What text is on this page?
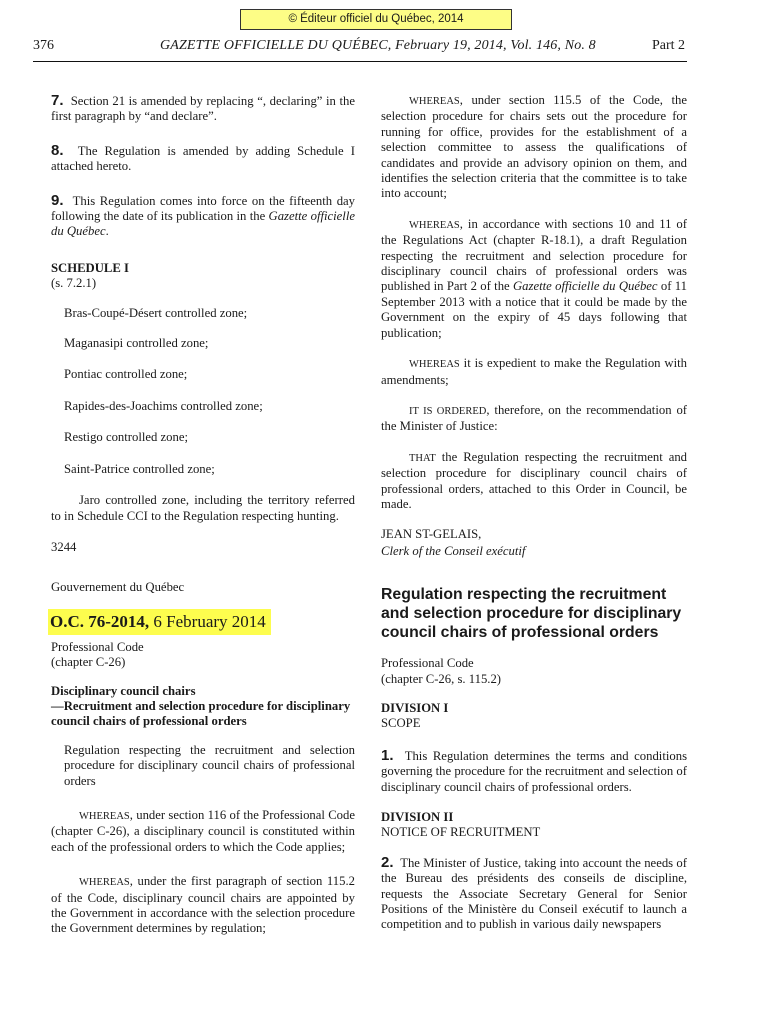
© Éditeur officiel du Québec, 2014
376	GAZETTE OFFICIELLE DU QUÉBEC, February 19, 2014, Vol. 146, No. 8	Part 2

7. Section 21 is amended by replacing “, declaring” in the first paragraph by “and declare”.

8. The Regulation is amended by adding Schedule I attached hereto.

9. This Regulation comes into force on the fifteenth day following the date of its publication in the Gazette officielle du Québec.

SCHEDULE I

(s. 7.2.1)

Bras-Coupé-Désert controlled zone;

Maganasipi controlled zone;

Pontiac controlled zone;

Rapides-des-Joachims controlled zone;

Restigo controlled zone;

Saint-Patrice controlled zone;

Jaro controlled zone, including the territory referred to in Schedule CCI to the Regulation respecting hunting.

3244

Gouvernement du Québec

O.C. 76-2014, 6 February 2014

Professional Code

(chapter C-26)

Disciplinary council chairs

—Recruitment and selection procedure for disciplinary council chairs of professional orders

Regulation respecting the recruitment and selection procedure for disciplinary council chairs of professional orders

WHEREAS, under section 116 of the Professional Code (chapter C-26), a disciplinary council is constituted within each of the professional orders to which the Code applies;

WHEREAS, under the first paragraph of section 115.2 of the Code, disciplinary council chairs are appointed by the Government in accordance with the selection procedure the Government determines by regulation;

WHEREAS, under section 115.5 of the Code, the selection procedure for chairs sets out the procedure for running for office, provides for the establishment of a selection committee to assess the qualifications of candidates and provide an advisory opinion on them, and identifies the selection criteria that the committee is to take into account;

WHEREAS, in accordance with sections 10 and 11 of the Regulations Act (chapter R-18.1), a draft Regulation respecting the recruitment and selection procedure for disciplinary council chairs of professional orders was published in Part 2 of the Gazette officielle du Québec of 11 September 2013 with a notice that it could be made by the Government on the expiry of 45 days following that publication;

WHEREAS it is expedient to make the Regulation with amendments;

IT IS ORDERED, therefore, on the recommendation of the Minister of Justice:

THAT the Regulation respecting the recruitment and selection procedure for disciplinary council chairs of professional orders, attached to this Order in Council, be made.

JEAN ST-GELAIS,

Clerk of the Conseil exécutif

Regulation respecting the recruitment and selection procedure for disciplinary council chairs of professional orders

Professional Code

(chapter C-26, s. 115.2)

DIVISION I

SCOPE

1. This Regulation determines the terms and conditions governing the procedure for the recruitment and selection of disciplinary council chairs of professional orders.

DIVISION II

NOTICE OF RECRUITMENT

2. The Minister of Justice, taking into account the needs of the Bureau des présidents des conseils de discipline, requests the Associate Secretary General for Senior Positions of the Ministère du Conseil exécutif to launch a competition and to publish in various daily newspapers
